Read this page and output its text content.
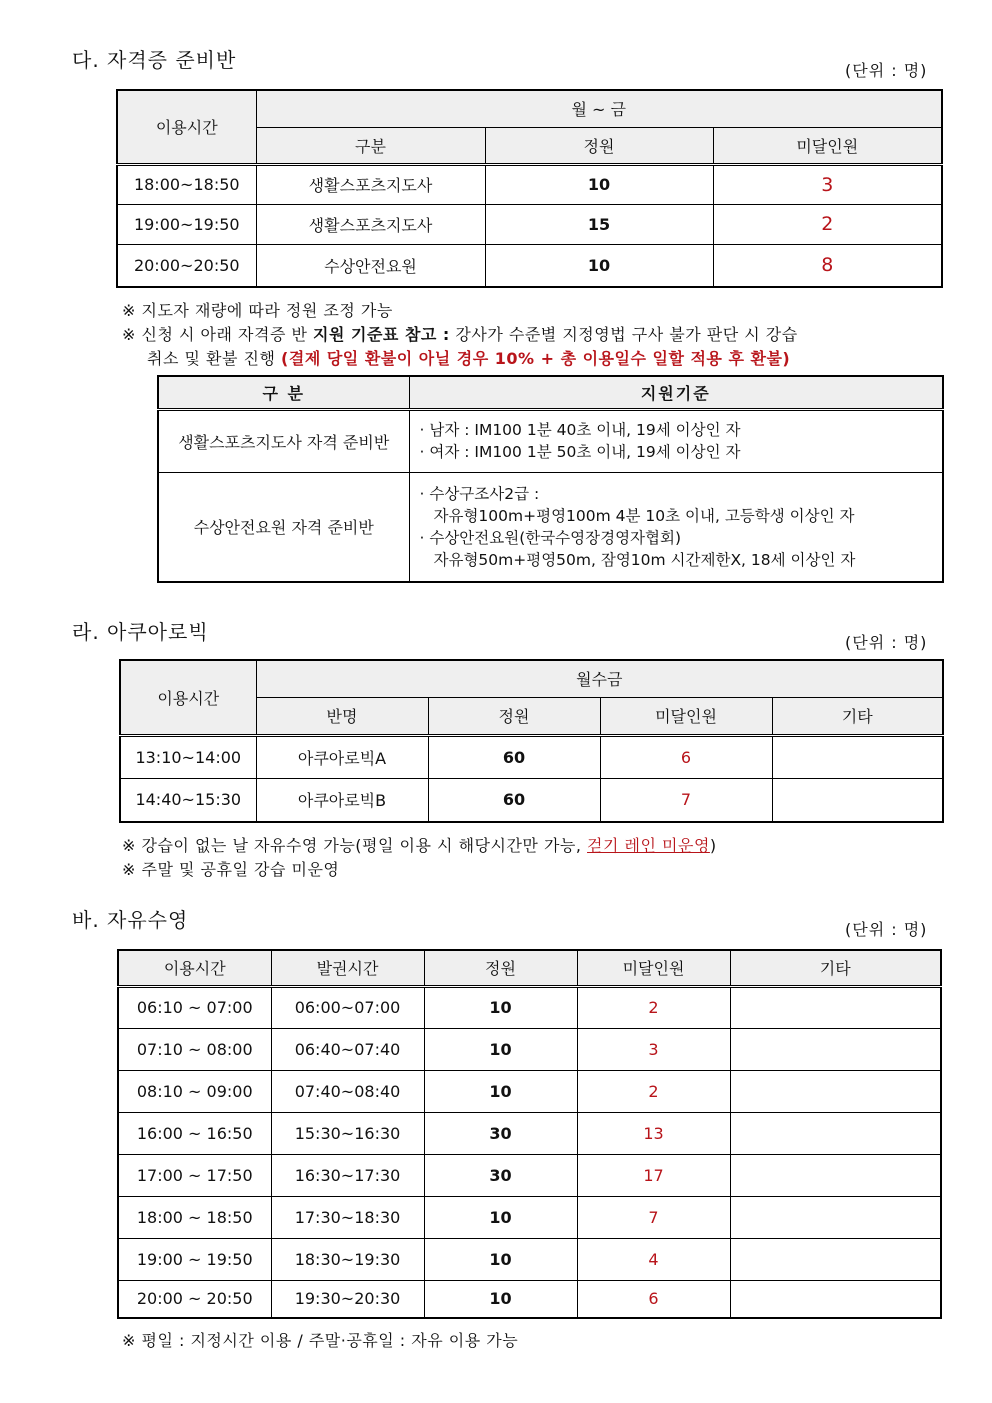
다. 자격증 준비반	(단위 : 명)
이용시간	월 ~ 금		
	구분	정원	미달인원
18:00~18:50	생활스포츠지도사	10	3
19:00~19:50	생활스포츠지도사	15	2
20:00~20:50	수상안전요원	10	8
※ 지도자 재량에 따라 정원 조정 가능
※ 신청 시 아래 자격증 반 지원 기준표 참고 : 강사가 수준별 지정영법 구사 불가 판단 시 강습
취소 및 환불 진행 (결제 당일 환불이 아닐 경우 10% + 총 이용일수 일할 적용 후 환불)
구 분	지원기준
생활스포츠지도사 자격 준비반	· 남자 : IM100 1분 40초 이내, 19세 이상인 자
· 여자 : IM100 1분 50초 이내, 19세 이상인 자

수상안전요원 자격 준비반	· 수상구조사2급 :
자유형100m+평영100m 4분 10초 이내, 고등학생 이상인 자
· 수상안전요원(한국수영장경영자협회)
자유형50m+평영50m, 잠영10m 시간제한X, 18세 이상인 자
라. 아쿠아로빅	(단위 : 명)
이용시간	월수금			
	반명	정원	미달인원	기타
13:10~14:00	아쿠아로빅A	60	6	
14:40~15:30	아쿠아로빅B	60	7	
※ 강습이 없는 날 자유수영 가능(평일 이용 시 해당시간만 가능, 걷기 레인 미운영)
※ 주말 및 공휴일 강습 미운영
바. 자유수영	(단위 : 명)
이용시간	발권시간	정원	미달인원	기타
06:10 ~ 07:00	06:00~07:00	10	2	
07:10 ~ 08:00	06:40~07:40	10	3	
08:10 ~ 09:00	07:40~08:40	10	2	
16:00 ~ 16:50	15:30~16:30	30	13	
17:00 ~ 17:50	16:30~17:30	30	17	
18:00 ~ 18:50	17:30~18:30	10	7	
19:00 ~ 19:50	18:30~19:30	10	4	
20:00 ~ 20:50	19:30~20:30	10	6	
※ 평일 : 지정시간 이용 / 주말·공휴일 : 자유 이용 가능
